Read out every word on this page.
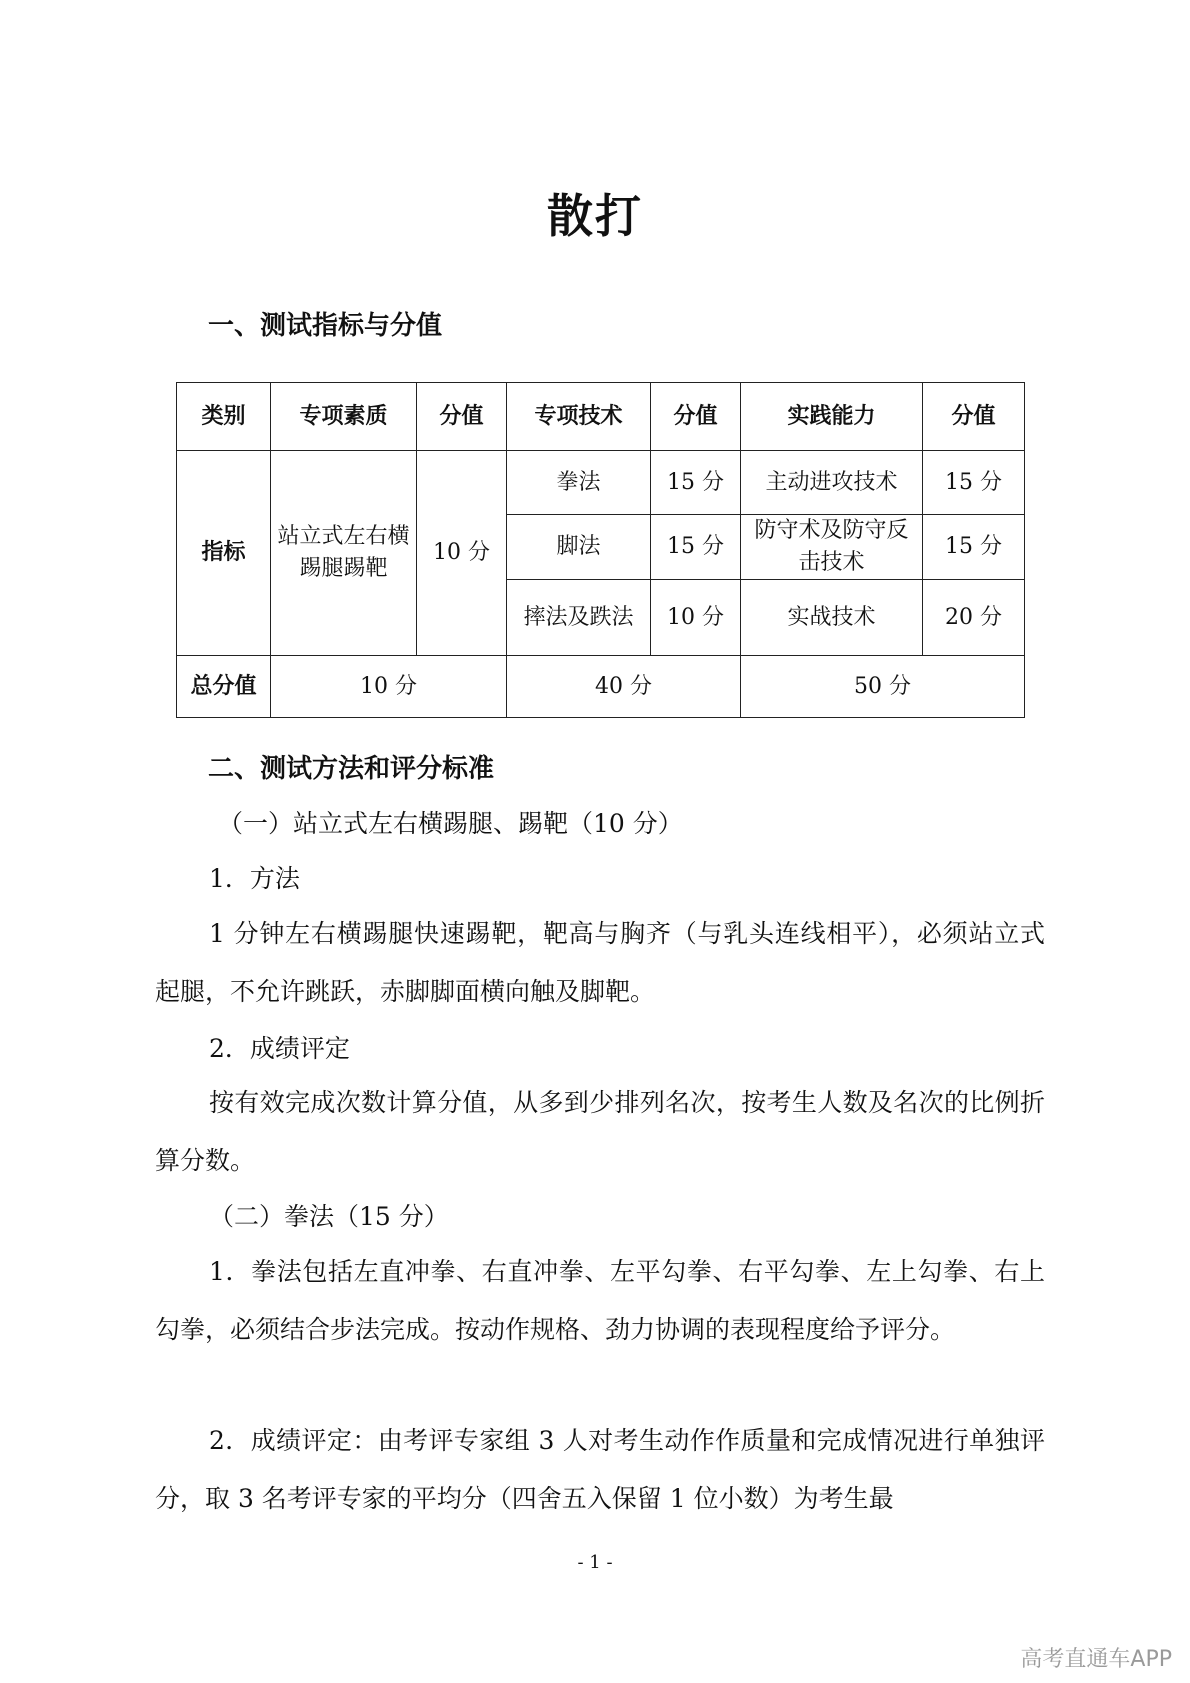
散打
一、测试指标与分值
类别	专项素质	分值	专项技术	分值	实践能力	分值
指标	站立式左右横踢腿踢靶	10 分	拳法	15 分	主动进攻技术	15 分
			脚法	15 分	防守术及防守反击技术	15 分
			摔法及跌法	10 分	实战技术	20 分
总分值	10 分		40 分		50 分	
二、测试方法和评分标准
（一）站立式左右横踢腿、踢靶（10 分）
1．方法

1 分钟左右横踢腿快速踢靶，靶高与胸齐（与乳头连线相平），必须站立式起腿，不允许跳跃，赤脚脚面横向触及脚靶。

2．成绩评定

按有效完成次数计算分值，从多到少排列名次，按考生人数及名次的比例折算分数。

（二）拳法（15 分）

1．拳法包括左直冲拳、右直冲拳、左平勾拳、右平勾拳、左上勾拳、右上勾拳，必须结合步法完成。按动作规格、劲力协调的表现程度给予评分。

2．成绩评定：由考评专家组 3 人对考生动作作质量和完成情况进行单独评分，取 3 名考评专家的平均分（四舍五入保留 1 位小数）为考生最

- 1 -
高考直通车APP
